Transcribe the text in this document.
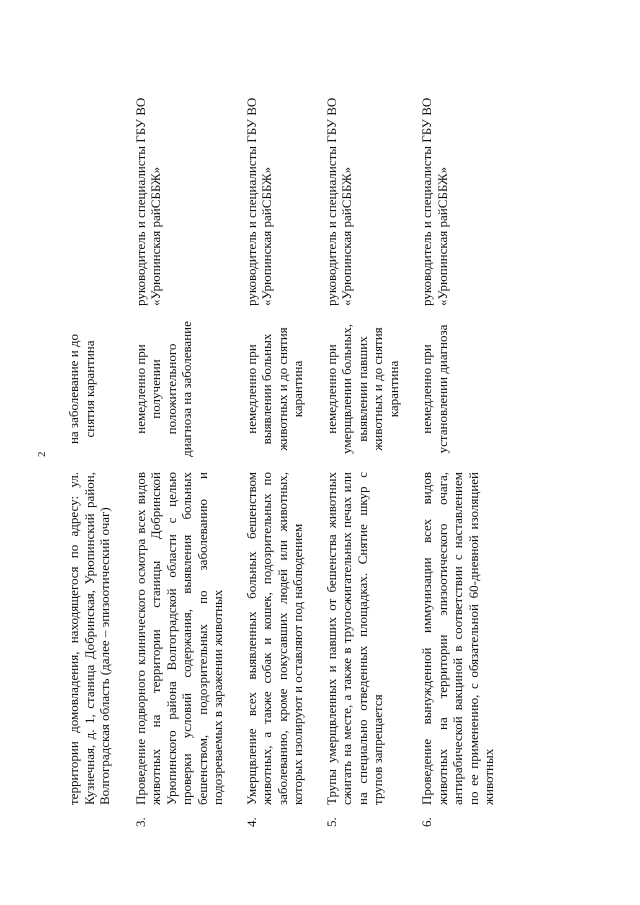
2
	территории домовладения, находящегося по адресу: ул. Кузнечная, д. 1, станица Добринская, Урюпинский район, Волгоградская область (далее – эпизоотический очаг)	на заболевание и до снятия карантина	
3.	Проведение подворного клинического осмотра всех видов животных на территории станицы Добринской Урюпинского района Волгоградской области с целью проверки условий содержания, выявления больных бешенством, подозрительных по заболеванию и подозреваемых в заражении животных	немедленно при получении положительного диагноза на заболевание	руководитель и специалисты ГБУ ВО «Урюпинская райСББЖ»
4.	Умерщвление всех выявленных больных бешенством животных, а также собак и кошек, подозрительных по заболеванию, кроме покусавших людей или животных, которых изолируют и оставляют под наблюдением	немедленно при выявлении больных животных и до снятия карантина	руководитель и специалисты ГБУ ВО «Урюпинская райСББЖ»
5.	Трупы умерщвленных и павших от бешенства животных сжигать на месте, а также в трупосжигательных печах или на специально отведенных площадках. Снятие шкур с трупов запрещается	немедленно при умерщвлении больных, выявлении павших животных и до снятия карантина	руководитель и специалисты ГБУ ВО «Урюпинская райСББЖ»
6.	Проведение вынужденной иммунизации всех видов животных на территории эпизоотического очага, антирабической вакциной в соответствии с наставлением по ее применению, с обязательной 60-дневной изоляцией животных	немедленно при установлении диагноза	руководитель и специалисты ГБУ ВО «Урюпинская райСББЖ»
